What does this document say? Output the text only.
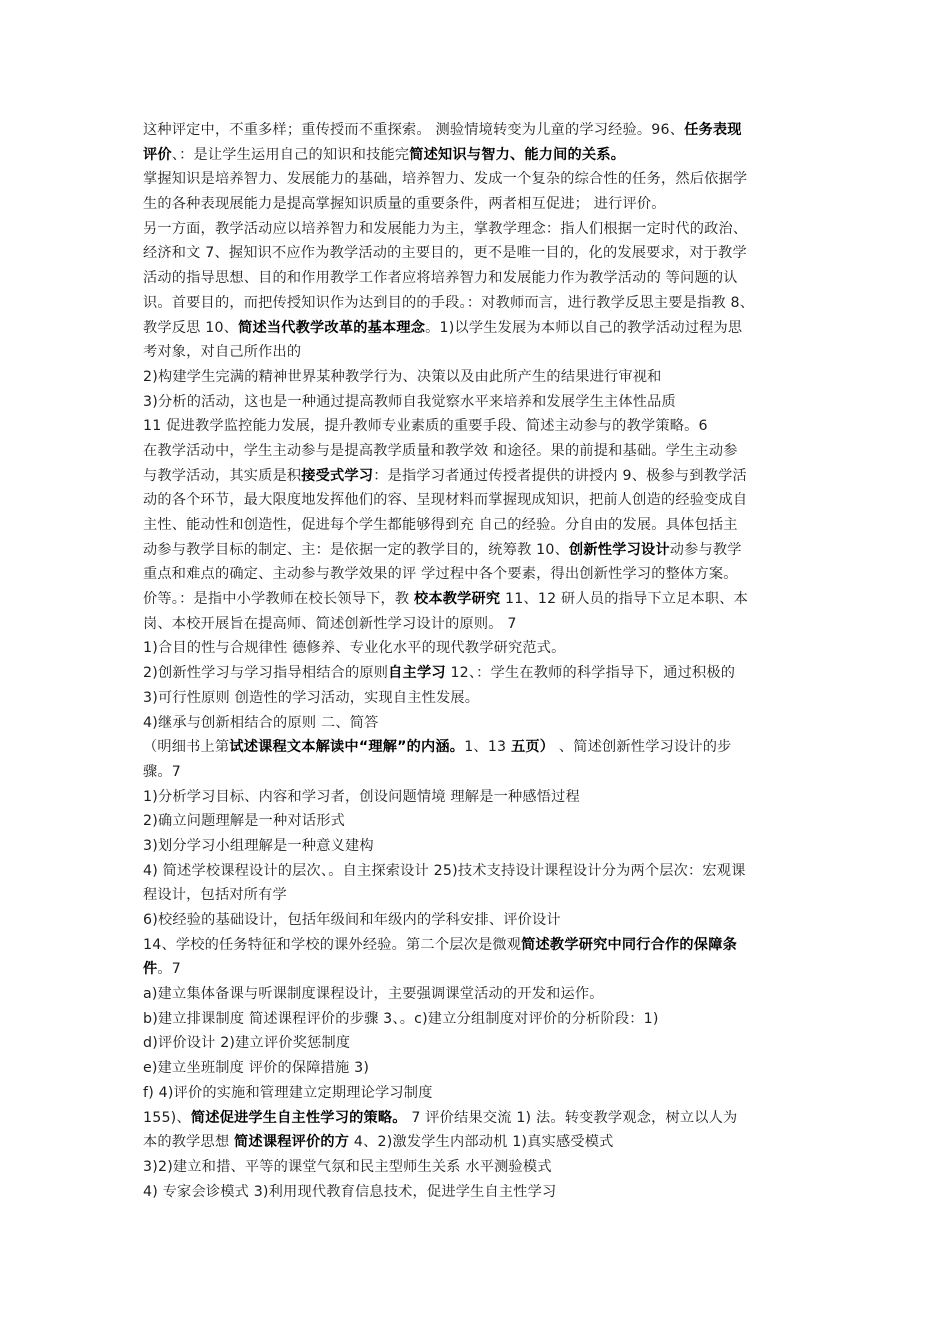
这种评定中，不重多样；重传授而不重探索。 测验情境转变为儿童的学习经验。96、任务表现
评价、：是让学生运用自己的知识和技能完简述知识与智力、能力间的关系。
掌握知识是培养智力、发展能力的基础，培养智力、发成一个复杂的综合性的任务，然后依据学
生的各种表现展能力是提高掌握知识质量的重要条件，两者相互促进； 进行评价。
另一方面，教学活动应以培养智力和发展能力为主，掌教学理念：指人们根据一定时代的政治、
经济和文 7、握知识不应作为教学活动的主要目的，更不是唯一目的，化的发展要求，对于教学
活动的指导思想、目的和作用教学工作者应将培养智力和发展能力作为教学活动的 等问题的认
识。首要目的，而把传授知识作为达到目的的手段。：对教师而言，进行教学反思主要是指教 8、
教学反思 10、简述当代教学改革的基本理念。1)以学生发展为本师以自己的教学活动过程为思
考对象，对自己所作出的
2)构建学生完满的精神世界某种教学行为、决策以及由此所产生的结果进行审视和
3)分析的活动，这也是一种通过提高教师自我觉察水平来培养和发展学生主体性品质
11 促进教学监控能力发展，提升教师专业素质的重要手段、简述主动参与的教学策略。6
在教学活动中，学生主动参与是提高教学质量和教学效 和途径。果的前提和基础。学生主动参
与教学活动，其实质是积接受式学习：是指学习者通过传授者提供的讲授内 9、极参与到教学活
动的各个环节，最大限度地发挥他们的容、呈现材料而掌握现成知识，把前人创造的经验变成自
主性、能动性和创造性，促进每个学生都能够得到充 自己的经验。分自由的发展。具体包括主
动参与教学目标的制定、主：是依据一定的教学目的，统筹教 10、创新性学习设计动参与教学
重点和难点的确定、主动参与教学效果的评 学过程中各个要素，得出创新性学习的整体方案。
价等。：是指中小学教师在校长领导下，教 校本教学研究 11、12 研人员的指导下立足本职、本
岗、本校开展旨在提高师、简述创新性学习设计的原则。 7
1)合目的性与合规律性 德修养、专业化水平的现代教学研究范式。
2)创新性学习与学习指导相结合的原则自主学习 12、：学生在教师的科学指导下，通过积极的
3)可行性原则 创造性的学习活动，实现自主性发展。
4)继承与创新相结合的原则 二、简答
（明细书上第试述课程文本解读中“理解”的内涵。1、13 五页） 、简述创新性学习设计的步
骤。7
1)分析学习目标、内容和学习者，创设问题情境 理解是一种感悟过程
2)确立问题理解是一种对话形式
3)划分学习小组理解是一种意义建构
4) 简述学校课程设计的层次、。自主探索设计 25)技术支持设计课程设计分为两个层次：宏观课
程设计，包括对所有学
6)校经验的基础设计，包括年级间和年级内的学科安排、评价设计
14、学校的任务特征和学校的课外经验。第二个层次是微观简述教学研究中同行合作的保障条
件。7
a)建立集体备课与听课制度课程设计，主要强调课堂活动的开发和运作。
b)建立排课制度 简述课程评价的步骤 3、。c)建立分组制度对评价的分析阶段：1)
d)评价设计 2)建立评价奖惩制度
e)建立坐班制度 评价的保障措施 3)
f) 4)评价的实施和管理建立定期理论学习制度
155)、简述促进学生自主性学习的策略。 7 评价结果交流 1) 法。转变教学观念，树立以人为
本的教学思想 简述课程评价的方 4、2)激发学生内部动机 1)真实感受模式
3)2)建立和措、平等的课堂气氛和民主型师生关系 水平测验模式
4) 专家会诊模式 3)利用现代教育信息技术，促进学生自主性学习
